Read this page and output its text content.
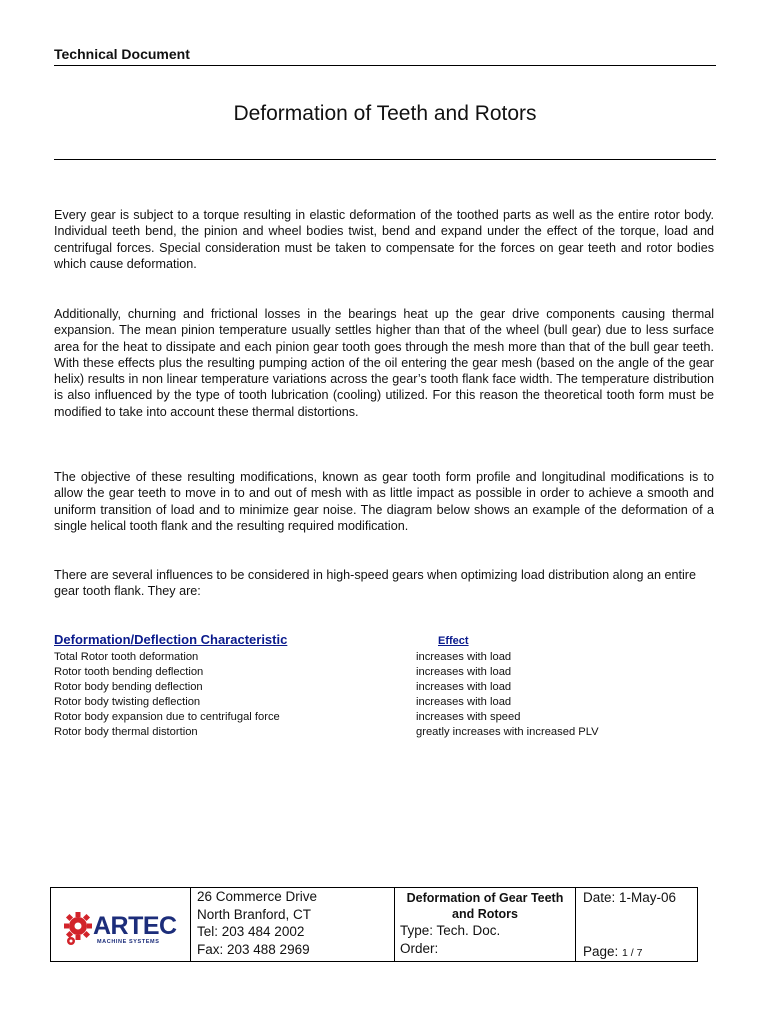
Technical Document
Deformation of Teeth and Rotors

Every gear is subject to a torque resulting in elastic deformation of the toothed parts as well as the entire rotor body. Individual teeth bend, the pinion and wheel bodies twist, bend and expand under the effect of the torque, load and centrifugal forces. Special consideration must be taken to compensate for the forces on gear teeth and rotor bodies which cause deformation.

Additionally, churning and frictional losses in the bearings heat up the gear drive components causing thermal expansion. The mean pinion temperature usually settles higher than that of the wheel (bull gear) due to less surface area for the heat to dissipate and each pinion gear tooth goes through the mesh more than that of the bull gear teeth. With these effects plus the resulting pumping action of the oil entering the gear mesh (based on the angle of the gear helix) results in non linear temperature variations across the gear’s tooth flank face width. The temperature distribution is also influenced by the type of tooth lubrication (cooling) utilized. For this reason the theoretical tooth form must be modified to take into account these thermal distortions.

The objective of these resulting modifications, known as gear tooth form profile and longitudinal modifications is to allow the gear teeth to move in to and out of mesh with as little impact as possible in order to achieve a smooth and uniform transition of load and to minimize gear noise. The diagram below shows an example of the deformation of a single helical tooth flank and the resulting required modification.

There are several influences to be considered in high-speed gears when optimizing load distribution along an entire gear tooth flank. They are:

Deformation/Deflection Characteristic	Effect
Total Rotor tooth deformation	increases with load
Rotor tooth bending deflection	increases with load
Rotor body bending deflection	increases with load
Rotor body twisting deflection	increases with load
Rotor body expansion due to centrifugal force	increases with speed
Rotor body thermal distortion	greatly increases with increased PLV
ARTEC
MACHINE SYSTEMS

26 Commerce Drive
North Branford, CT
Tel: 203 484 2002
Fax: 203 488 2969

Deformation of Gear Teeth and Rotors
Type: Tech. Doc.
Order:

Date: 1-May-06
Page: 1 / 7
